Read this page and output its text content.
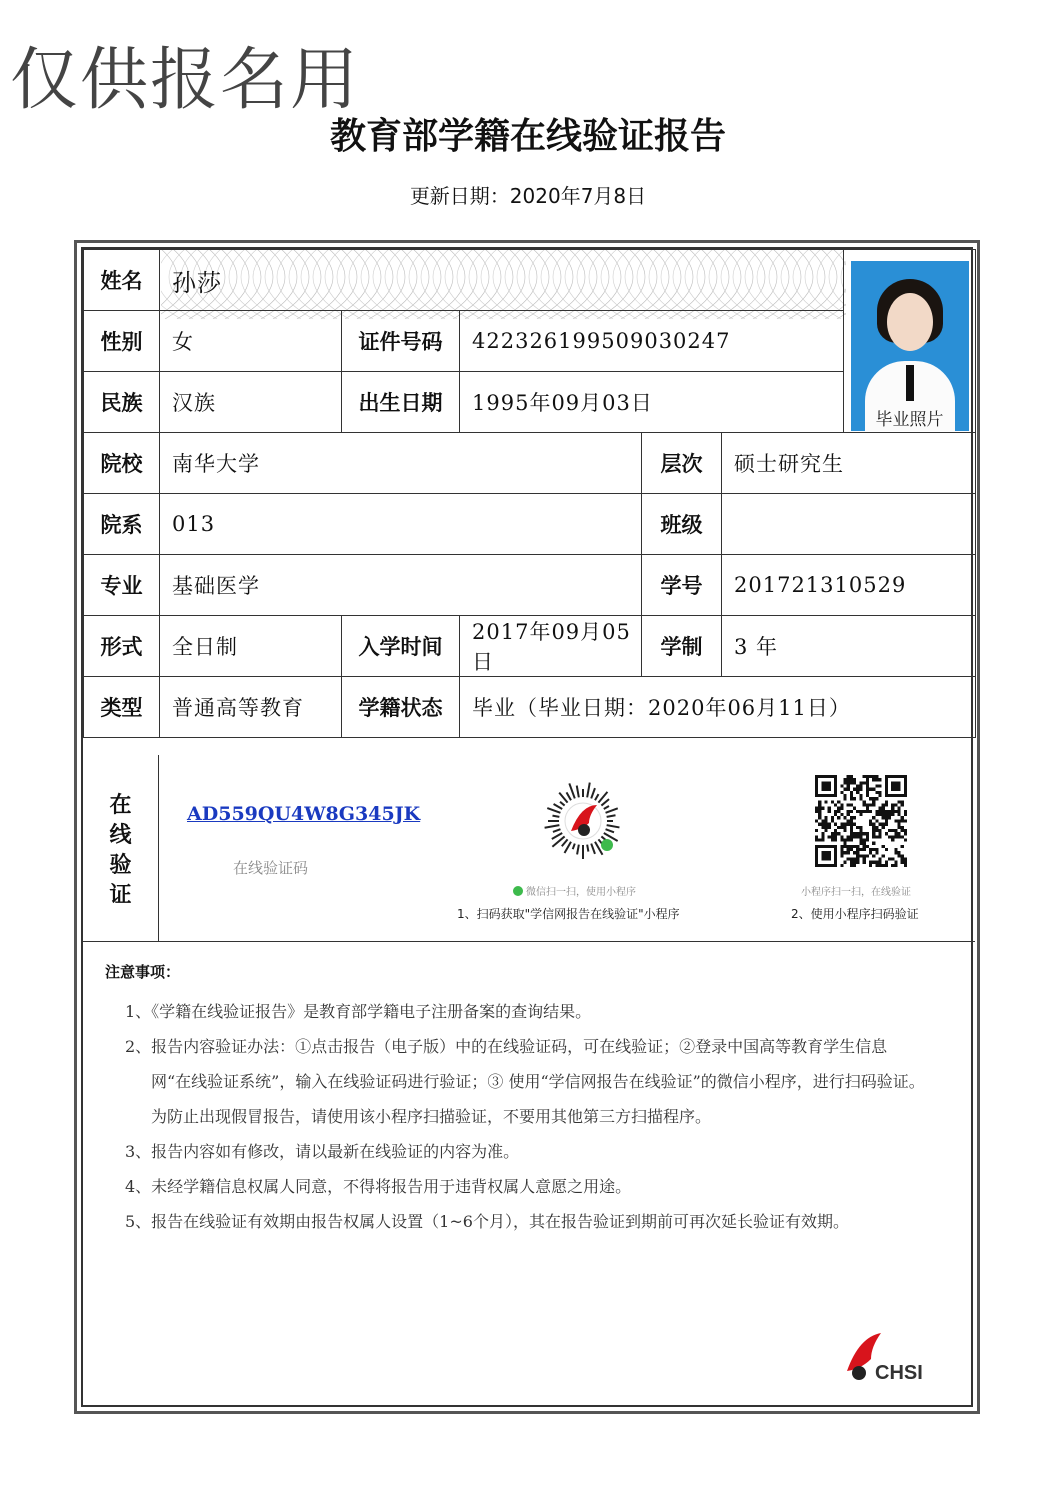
仅供报名用
教育部学籍在线验证报告
更新日期：2020年7月8日
姓名	孙莎					毕业照片

性别	女	证件号码	422326199509030247			
民族	汉族	出生日期	1995年09月03日			
院校	南华大学			层次	硕士研究生	
院系	013			班级		
专业	基础医学			学号	201721310529	
形式	全日制	入学时间	2017年09月05日	学制	3 年	
类型	普通高等教育	学籍状态	毕业（毕业日期：2020年06月11日）			
在
线
验
证
AD559QU4W8G345JK
在线验证码
微信扫一扫，使用小程序
1、扫码获取"学信网报告在线验证"小程序
小程序扫一扫，在线验证
2、使用小程序扫码验证
注意事项：
1、《学籍在线验证报告》是教育部学籍电子注册备案的查询结果。
2、报告内容验证办法：①点击报告（电子版）中的在线验证码，可在线验证；②登录中国高等教育学生信息网“在线验证系统”，输入在线验证码进行验证；③ 使用“学信网报告在线验证”的微信小程序，进行扫码验证。为防止出现假冒报告，请使用该小程序扫描验证，不要用其他第三方扫描程序。
3、报告内容如有修改，请以最新在线验证的内容为准。
4、未经学籍信息权属人同意，不得将报告用于违背权属人意愿之用途。
5、报告在线验证有效期由报告权属人设置（1~6个月），其在报告验证到期前可再次延长验证有效期。
CHSI
